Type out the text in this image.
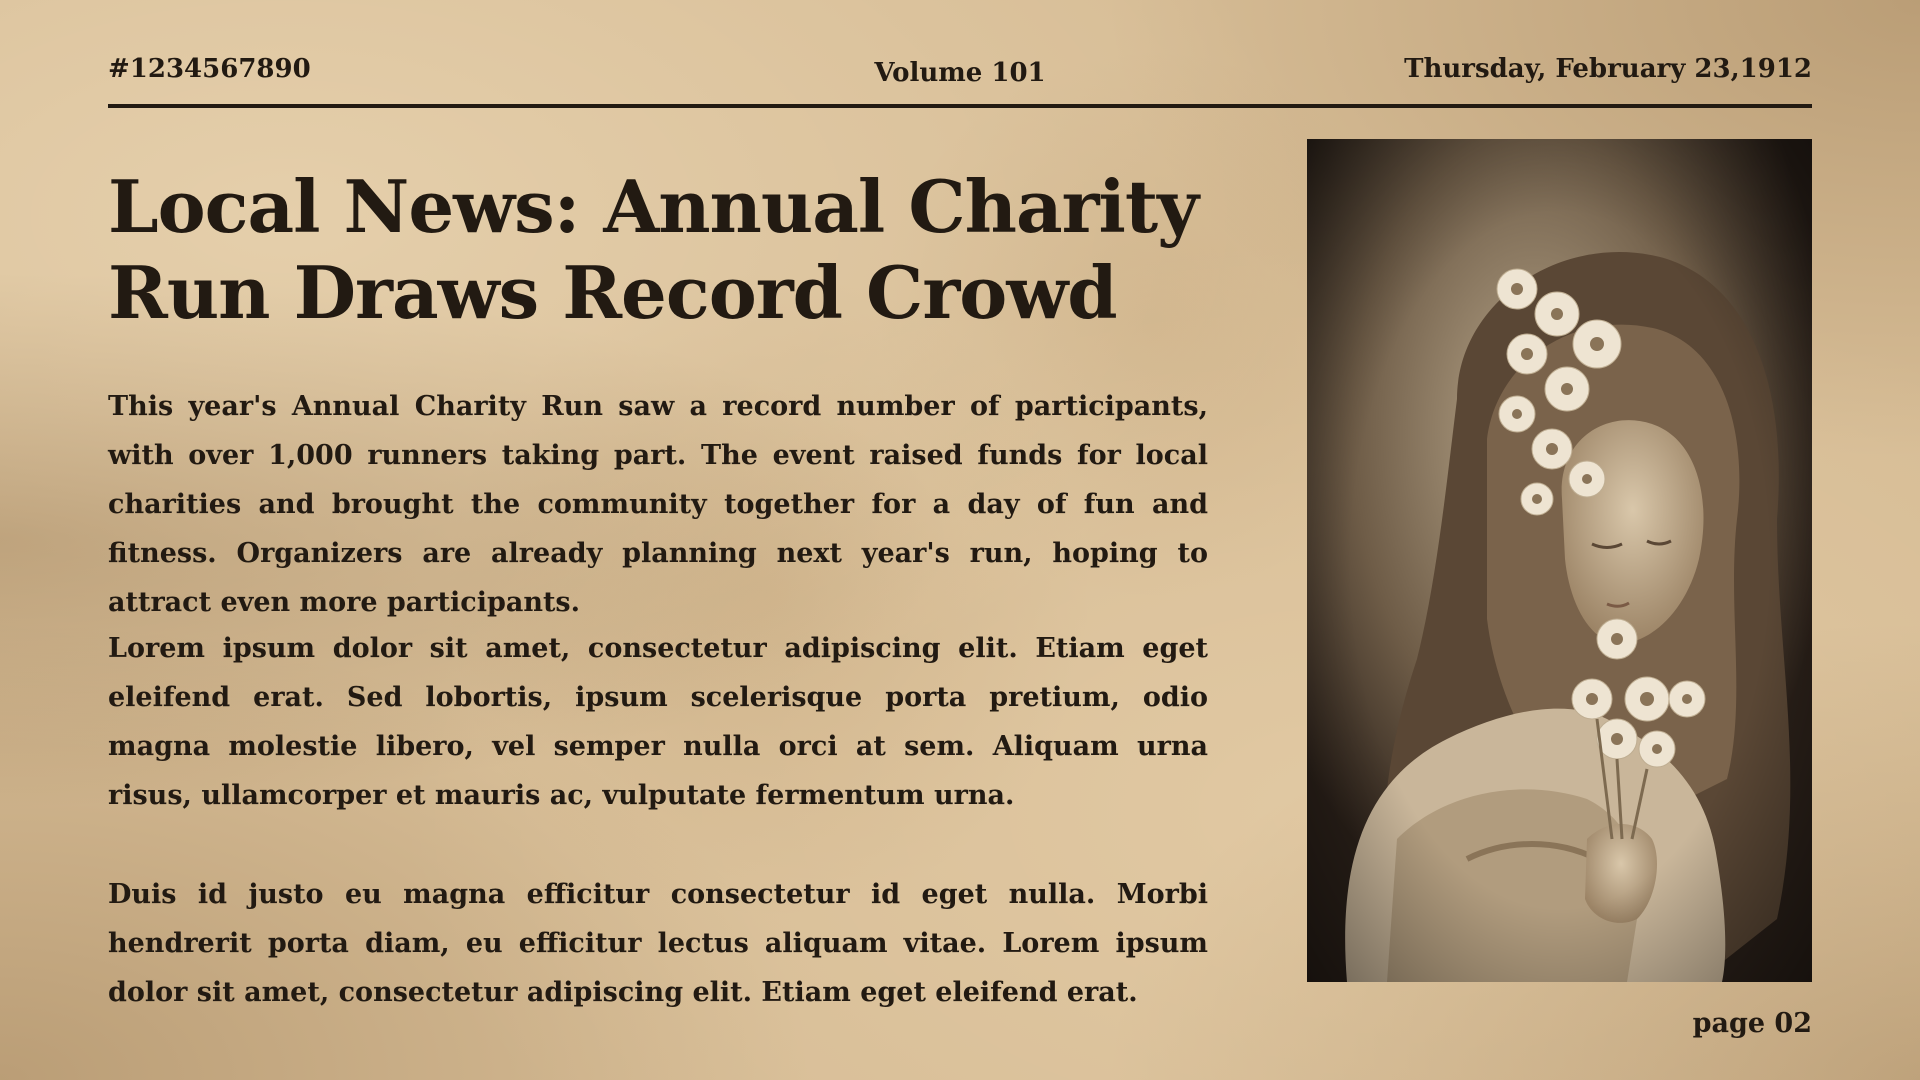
#1234567890	Volume 101	Thursday, February 23,1912
Local News: Annual Charity
Run Draws Record Crowd

This year's Annual Charity Run saw a record number of participants, with over 1,000 runners taking part. The event raised funds for local charities and brought the community together for a day of fun and fitness. Organizers are already planning next year's run, hoping to attract even more participants.

Lorem ipsum dolor sit amet, consectetur adipiscing elit. Etiam eget eleifend erat. Sed lobortis, ipsum scelerisque porta pretium, odio magna molestie libero, vel semper nulla orci at sem. Aliquam urna risus, ullamcorper et mauris ac, vulputate fermentum urna.

Duis id justo eu magna efficitur consectetur id eget nulla. Morbi hendrerit porta diam, eu efficitur lectus aliquam vitae. Lorem ipsum dolor sit amet, consectetur adipiscing elit. Etiam eget eleifend erat.

page 02
